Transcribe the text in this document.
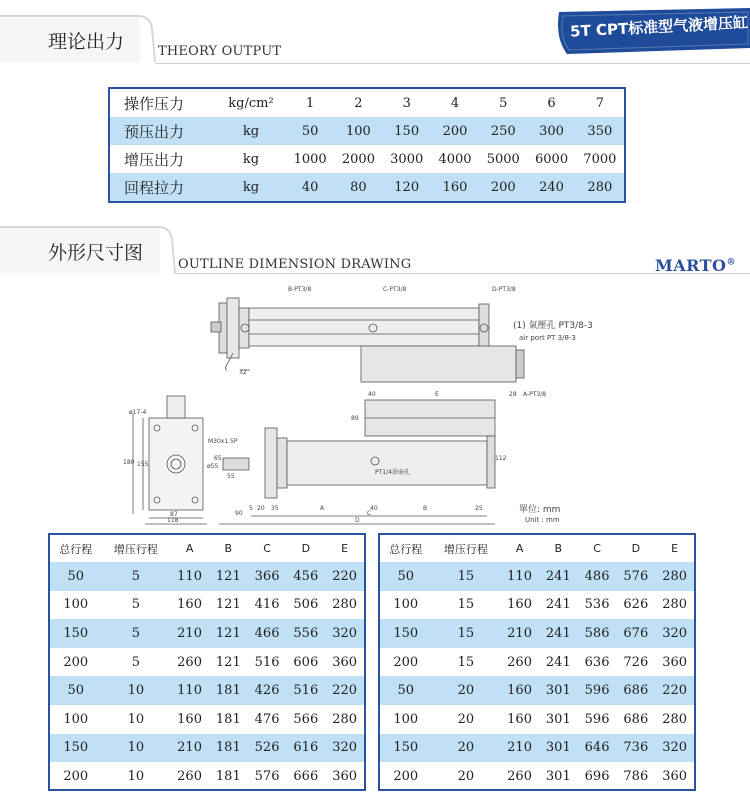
理论出力	THEORY OUTPUT
5T CPT标准型气液增压缸
操作压力	kg/cm²	1	2	3	4	5	6	7
预压出力	kg	50	100	150	200	250	300	350
增压出力	kg	1000	2000	3000	4000	5000	6000	7000
回程拉力	kg	40	80	120	160	200	240	280
外形尺寸图
OUTLINE DIMENSION DRAWING	MARTO®
B-PT3/8	C-PT3/8	D-PT3/8
(1) 氣壓孔 PT3/8-3
air port PT 3/8-3
32
A-PT3/8
PT1/4油壶孔
M30x1.5P
ø17-4
40	28
E
89
112
180 155
87
118
5 20 35	A	B
40	25
C
D
90
55
65
ø55
單位: mm
Unit : mm
总行程	增压行程	A	B	C	D	E
50	5	110	121	366	456	220
100	5	160	121	416	506	280
150	5	210	121	466	556	320
200	5	260	121	516	606	360
50	10	110	181	426	516	220
100	10	160	181	476	566	280
150	10	210	181	526	616	320
200	10	260	181	576	666	360
总行程	增压行程	A	B	C	D	E
50	15	110	241	486	576	280
100	15	160	241	536	626	280
150	15	210	241	586	676	320
200	15	260	241	636	726	360
50	20	160	301	596	686	220
100	20	160	301	596	686	280
150	20	210	301	646	736	320
200	20	260	301	696	786	360
